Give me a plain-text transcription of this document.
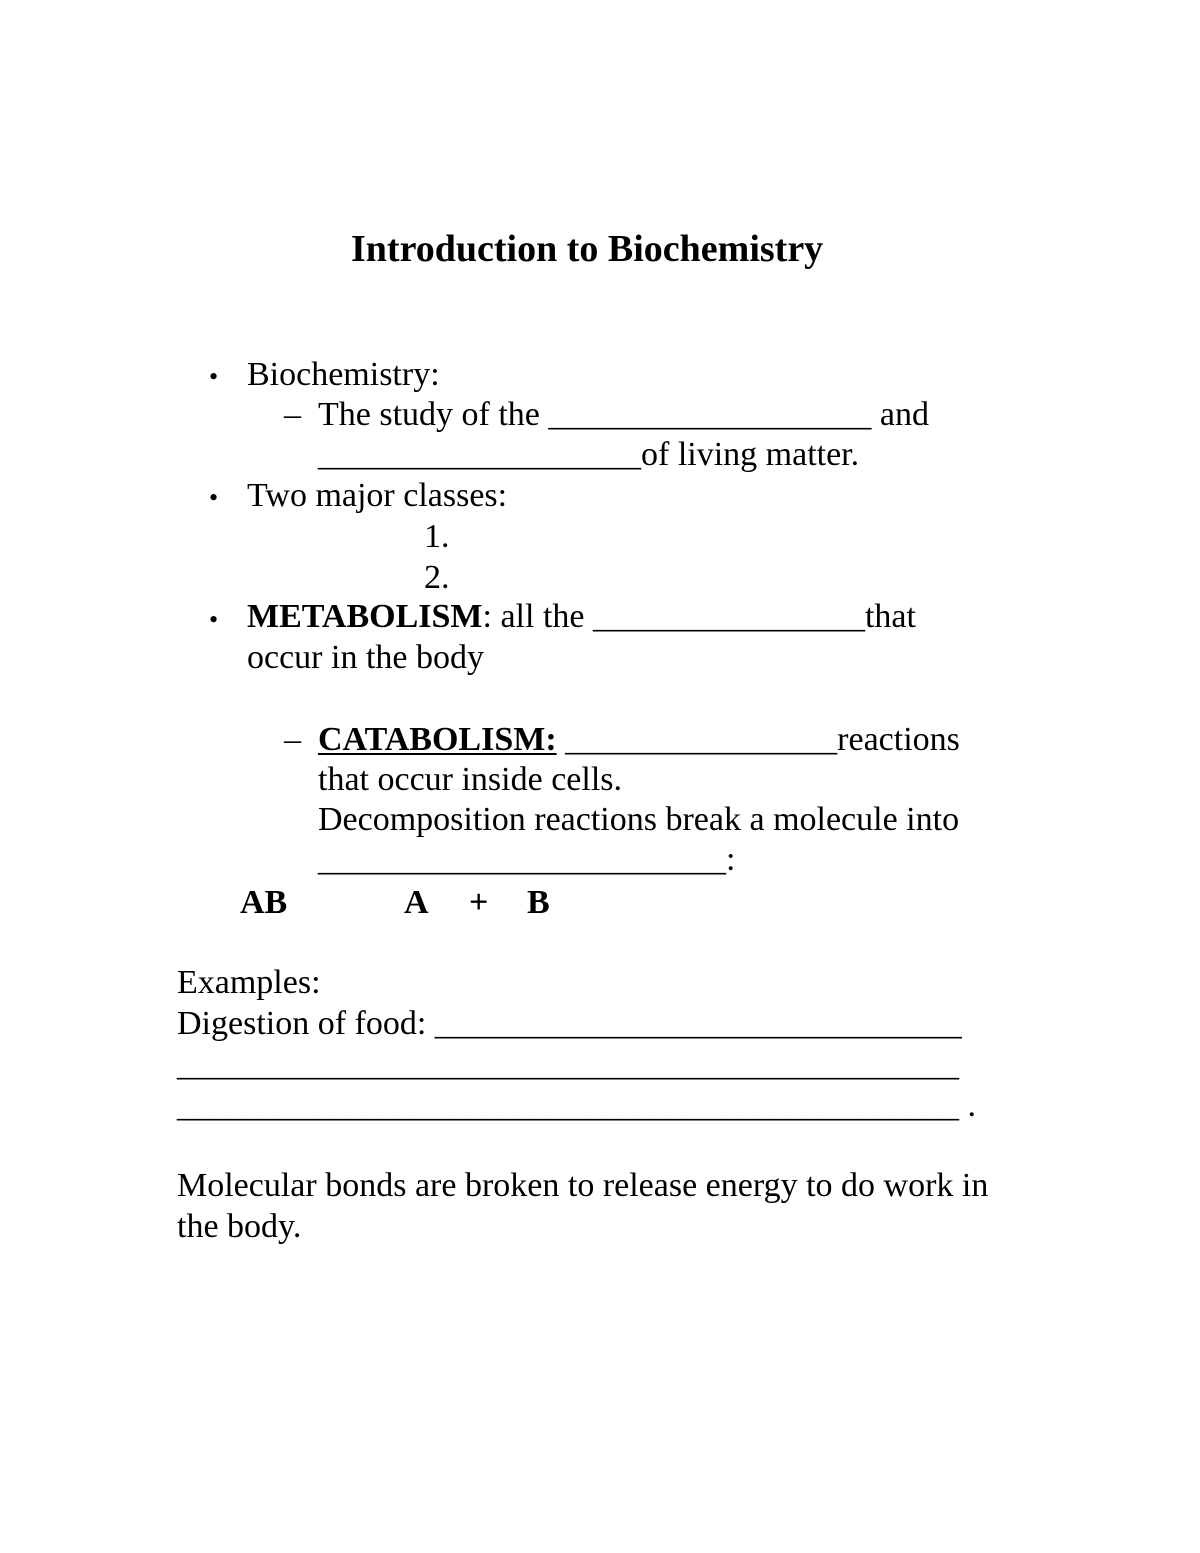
Introduction to Biochemistry
• Biochemistry:
– The study of the ___________________ and
___________________of living matter.
• Two major classes:
1.
2.
• METABOLISM: all the ________________that
occur in the body
– CATABOLISM: ________________reactions
that occur inside cells.
Decomposition reactions break a molecule into
________________________:
AB	A + B
Examples:
Digestion of food: _______________________________
______________________________________________
______________________________________________ .
Molecular bonds are broken to release energy to do work in
the body.
